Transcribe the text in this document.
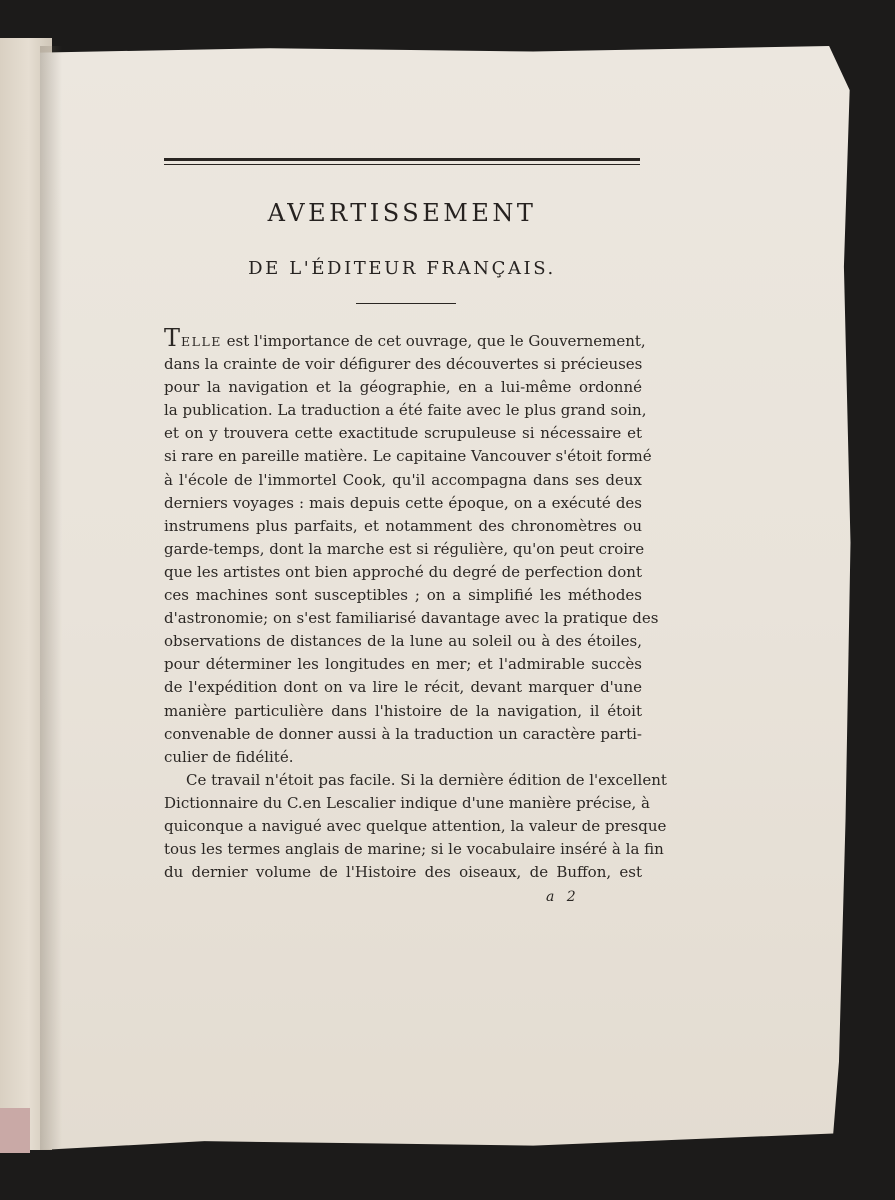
AVERTISSEMENT
DE L'ÉDITEUR FRANÇAIS.
TELLE est l'importance de cet ouvrage, que le Gouvernement,
dans la crainte de voir défigurer des découvertes si précieuses
pour la navigation et la géographie, en a lui-même ordonné
la publication. La traduction a été faite avec le plus grand soin,
et on y trouvera cette exactitude scrupuleuse si nécessaire et
si rare en pareille matière. Le capitaine Vancouver s'étoit formé
à l'école de l'immortel Cook, qu'il accompagna dans ses deux
derniers voyages : mais depuis cette époque, on a exécuté des
instrumens plus parfaits, et notamment des chronomètres ou
garde-temps, dont la marche est si régulière, qu'on peut croire
que les artistes ont bien approché du degré de perfection dont
ces machines sont susceptibles ; on a simplifié les méthodes
d'astronomie; on s'est familiarisé davantage avec la pratique des
observations de distances de la lune au soleil ou à des étoiles,
pour déterminer les longitudes en mer; et l'admirable succès
de l'expédition dont on va lire le récit, devant marquer d'une
manière particulière dans l'histoire de la navigation, il étoit
convenable de donner aussi à la traduction un caractère parti-
culier de fidélité.
Ce travail n'étoit pas facile. Si la dernière édition de l'excellent
Dictionnaire du C.en Lescalier indique d'une manière précise, à
quiconque a navigué avec quelque attention, la valeur de presque
tous les termes anglais de marine; si le vocabulaire inséré à la fin
du dernier volume de l'Histoire des oiseaux, de Buffon, est
a 2
